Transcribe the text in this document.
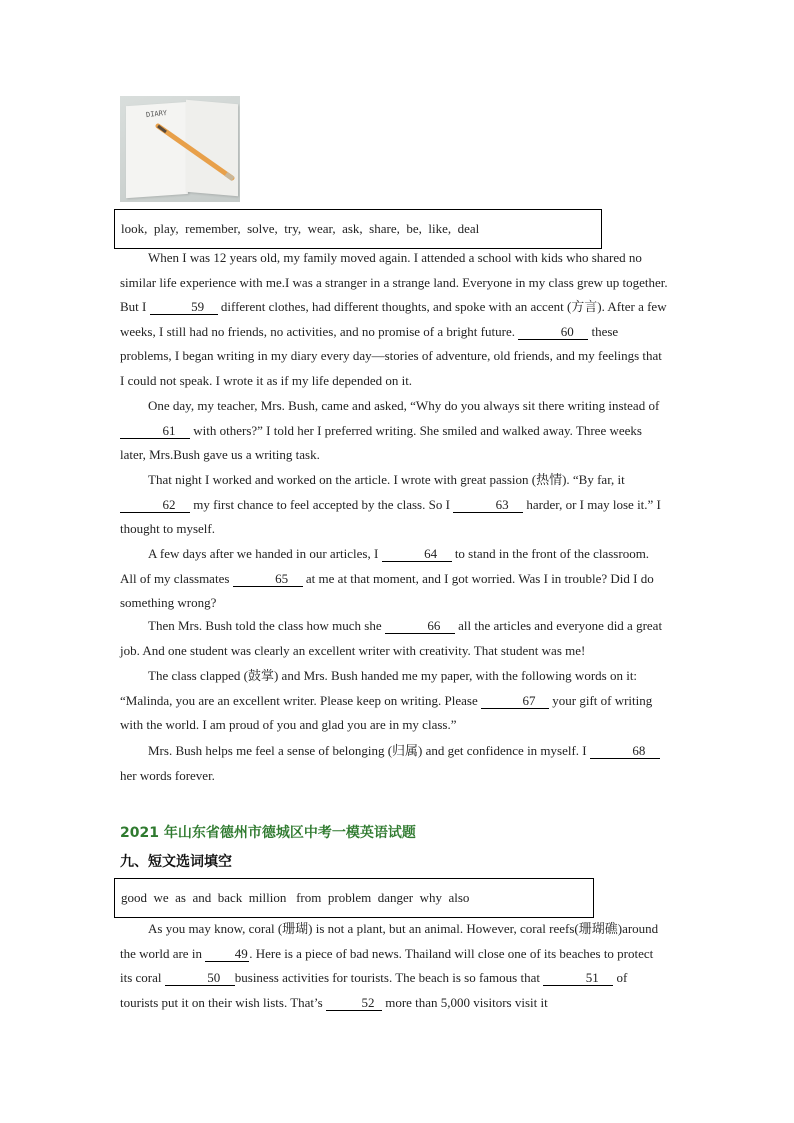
DIARY
look,  play,  remember,  solve,  try,  wear,  ask,  share,  be,  like,  deal

When I was 12 years old, my family moved again. I attended a school with kids who shared no similar life experience with me.I was a stranger in a strange land. Everyone in my class grew up together. But I	59 different clothes, had different thoughts, and spoke with an accent (方言). After a few weeks, I still had no friends, no activities, and no promise of a bright future.	60 these problems, I began writing in my diary every day—stories of adventure, old friends, and my feelings that I could not speak. I wrote it as if my life depended on it.

One day, my teacher, Mrs. Bush, came and asked, “Why do you always sit there writing instead of 61 with others?” I told her I preferred writing. She smiled and walked away. Three weeks later, Mrs.Bush gave us a writing task.

That night I worked and worked on the article. I wrote with great passion (热情). “By far, it 62 my first chance to feel accepted by the class. So I	63 harder, or I may lose it.” I thought to myself.

A few days after we handed in our articles, I	64 to stand in the front of the classroom. All of my classmates	65 at me at that moment, and I got worried. Was I in trouble? Did I do something wrong?

Then Mrs. Bush told the class how much she	66 all the articles and everyone did a great job. And one student was clearly an excellent writer with creativity. That student was me!

The class clapped (鼓掌) and Mrs. Bush handed me my paper, with the following words on it: “Malinda, you are an excellent writer. Please keep on writing. Please	67 your gift of writing with the world. I am proud of you and glad you are in my class.”

Mrs. Bush helps me feel a sense of belonging (归属) and get confidence in myself. I	68 her words forever.

2021 年山东省德州市德城区中考一模英语试题

九、短文选词填空

good  we  as  and  back  million   from  problem  danger  why  also

As you may know, coral (珊瑚) is not a plant, but an animal. However, coral reefs(珊瑚礁)around the world are in 49 . Here is a piece of bad news. Thailand will close one of its beaches to protect its coral	50 business activities for tourists. The beach is so famous that	51 of tourists put it on their wish lists. That’s	52 more than 5,000 visitors visit it
